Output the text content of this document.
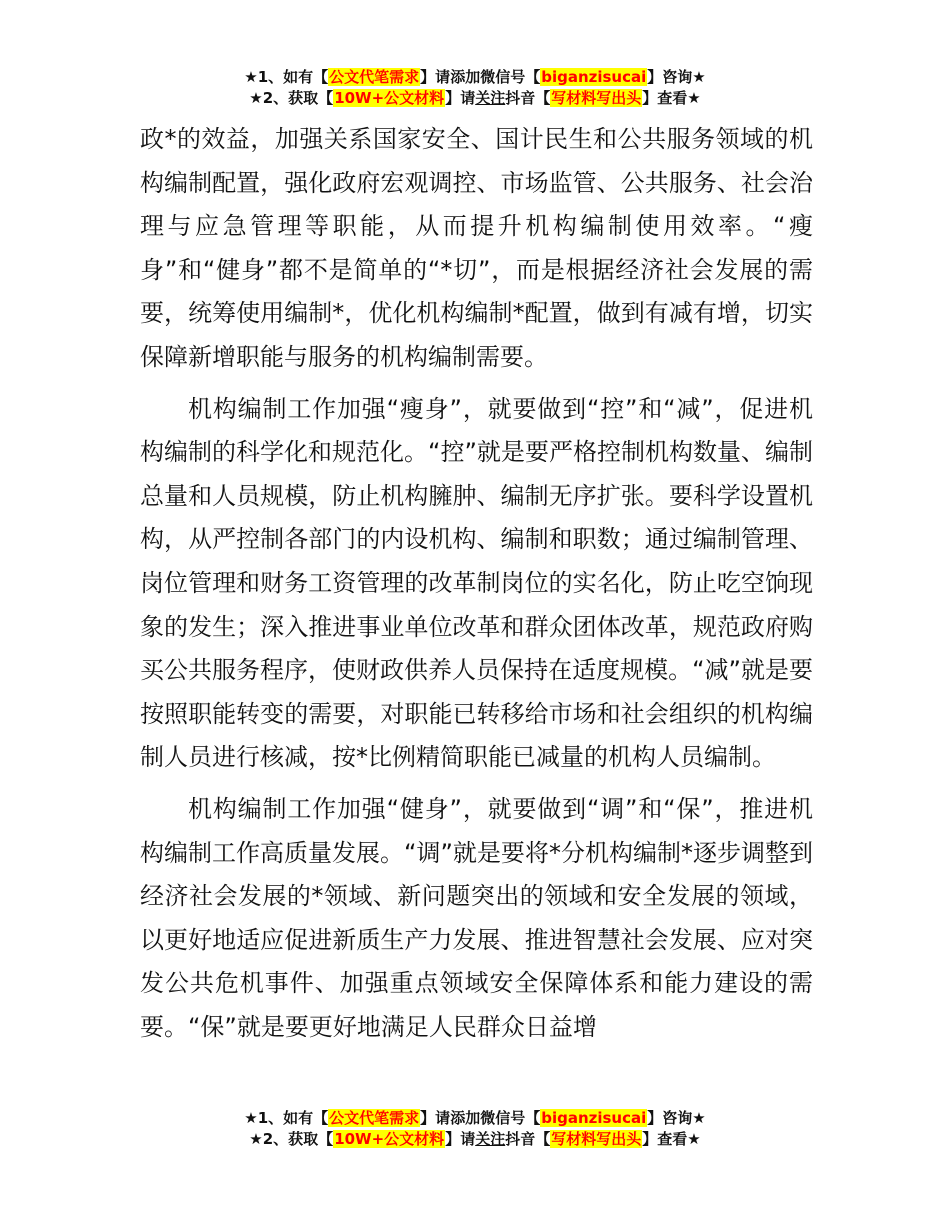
★1、如有【公文代笔需求】请添加微信号【biganzisucai】咨询★
★2、获取【10W+公文材料】请关注抖音【写材料写出头】查看★

政*的效益，加强关系国家安全、国计民生和公共服务领域的机构编制配置，强化政府宏观调控、市场监管、公共服务、社会治理与应急管理等职能，从而提升机构编制使用效率。“瘦身”和“健身”都不是简单的“*切”，而是根据经济社会发展的需要，统筹使用编制*，优化机构编制*配置，做到有减有增，切实保障新增职能与服务的机构编制需要。

机构编制工作加强“瘦身”，就要做到“控”和“减”，促进机构编制的科学化和规范化。“控”就是要严格控制机构数量、编制总量和人员规模，防止机构臃肿、编制无序扩张。要科学设置机构，从严控制各部门的内设机构、编制和职数；通过编制管理、岗位管理和财务工资管理的改革制岗位的实名化，防止吃空饷现象的发生；深入推进事业单位改革和群众团体改革，规范政府购买公共服务程序，使财政供养人员保持在适度规模。“减”就是要按照职能转变的需要，对职能已转移给市场和社会组织的机构编制人员进行核减，按*比例精简职能已减量的机构人员编制。

机构编制工作加强“健身”，就要做到“调”和“保”，推进机构编制工作高质量发展。“调”就是要将*分机构编制*逐步调整到经济社会发展的*领域、新问题突出的领域和安全发展的领域，以更好地适应促进新质生产力发展、推进智慧社会发展、应对突发公共危机事件、加强重点领域安全保障体系和能力建设的需要。“保”就是要更好地满足人民群众日益增

★1、如有【公文代笔需求】请添加微信号【biganzisucai】咨询★
★2、获取【10W+公文材料】请关注抖音【写材料写出头】查看★
